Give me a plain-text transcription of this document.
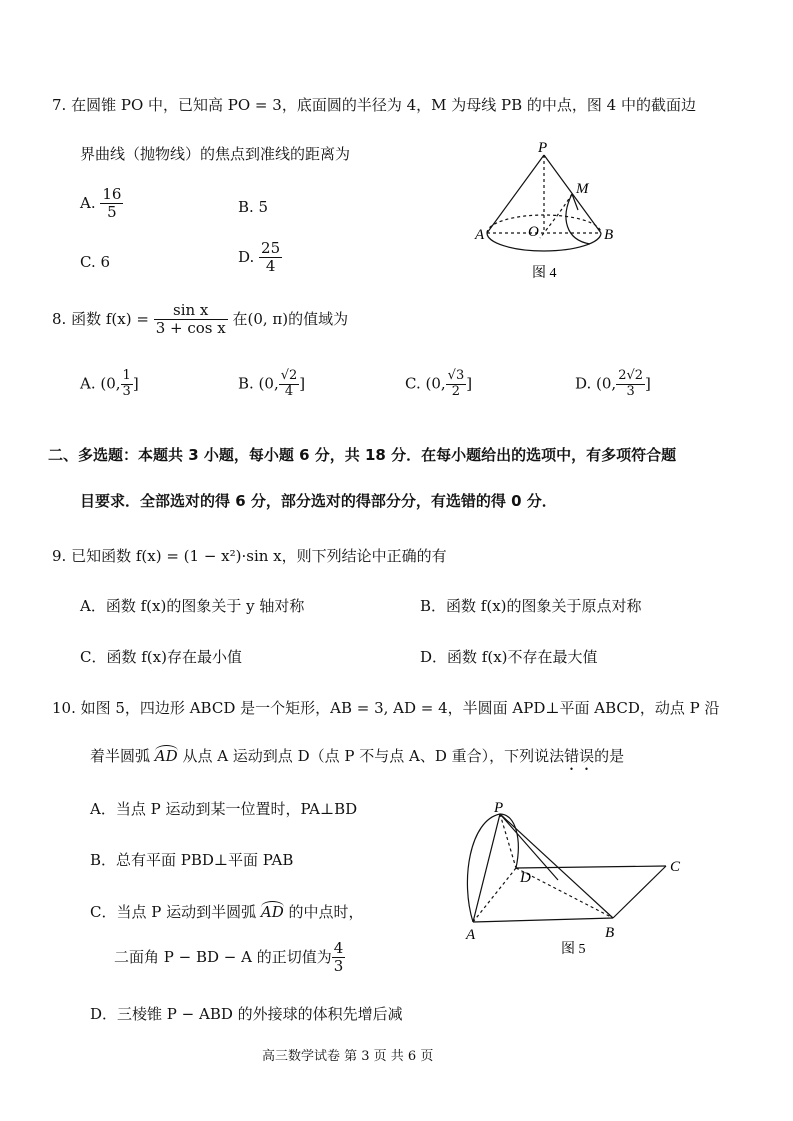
7. 在圆锥 PO 中，已知高 PO = 3，底面圆的半径为 4，M 为母线 PB 的中点，图 4 中的截面边
界曲线（抛物线）的焦点到准线的距离为
A. $\frac{16}{5}$	B. 5
C. 6	D. $\frac{25}{4}$
P
M
A	O	B
图 4
8. 函数 $f(x) = \frac{\text{sin x}}{\text{3 + cos x}}$ 在(0, π)的值域为
A. (0, $\frac{1}{3}$ ]	B. (0, $\frac{√2}{4}$ ]	C. (0, $\frac{√3}{2}$ ]	D. (0, $\frac{2√2}{3}$ ]
二、多选题：本题共 3 小题，每小题 6 分，共 18 分．在每小题给出的选项中，有多项符合题
目要求．全部选对的得 6 分，部分选对的得部分分，有选错的得 0 分．
9. 已知函数 f(x) = (1 − x²)·sin x，则下列结论中正确的有
A．函数 f(x)的图象关于 y 轴对称	B．函数 f(x)的图象关于原点对称
C．函数 f(x)存在最小值	D．函数 f(x)不存在最大值
10. 如图 5，四边形 ABCD 是一个矩形，AB = 3, AD = 4，半圆面 APD⊥平面 ABCD，动点 P 沿
着半圆弧 AD 从点 A 运动到点 D（点 P 不与点 A、D 重合），下列说法错误的是
A．当点 P 运动到某一位置时，PA⊥BD
B．总有平面 PBD⊥平面 PAB
C．当点 P 运动到半圆弧 AD 的中点时，
二面角 P − BD − A 的正切值为 $\frac{4}{3}$
D．三棱锥 P − ABD 的外接球的体积先增后减
P
D
C
A	B
图 5
高三数学试卷 第 3 页 共 6 页
